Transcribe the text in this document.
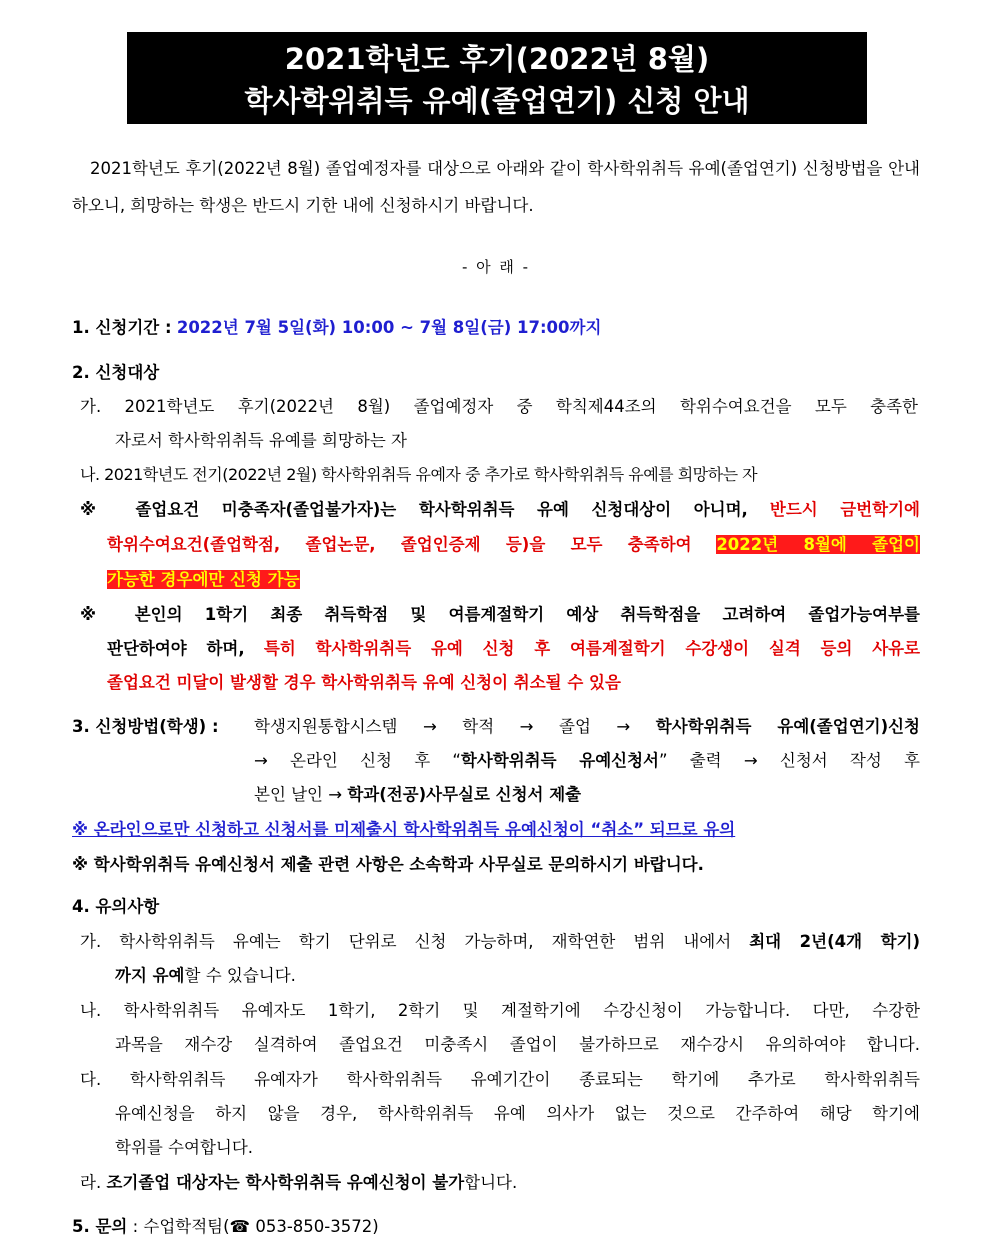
2021학년도 후기(2022년 8월)
학사학위취득 유예(졸업연기) 신청 안내
2021학년도 후기(2022년 8월) 졸업예정자를 대상으로 아래와 같이 학사학위취득 유예(졸업연기) 신청방법을 안내하오니, 희망하는 학생은 반드시 기한 내에 신청하시기 바랍니다.
- 아 래 -
1. 신청기간 : 2022년 7월 5일(화) 10:00 ~ 7월 8일(금) 17:00까지
2. 신청대상
가. 2021학년도 후기(2022년 8월) 졸업예정자 중 학칙제44조의 학위수여요건을 모두 충족한
자로서 학사학위취득 유예를 희망하는 자
나. 2021학년도 전기(2022년 2월) 학사학위취득 유예자 중 추가로 학사학위취득 유예를 희망하는 자
※ 졸업요건 미충족자(졸업불가자)는 학사학위취득 유예 신청대상이 아니며, 반드시 금번학기에
학위수여요건(졸업학점, 졸업논문, 졸업인증제 등)을 모두 충족하여 2022년 8월에 졸업이
가능한 경우에만 신청 가능
※ 본인의 1학기 최종 취득학점 및 여름계절학기 예상 취득학점을 고려하여 졸업가능여부를
판단하여야 하며, 특히 학사학위취득 유예 신청 후 여름계절학기 수강생이 실격 등의 사유로
졸업요건 미달이 발생할 경우 학사학위취득 유예 신청이 취소될 수 있음
3. 신청방법(학생) : 학생지원통합시스템 → 학적 → 졸업 → 학사학위취득 유예(졸업연기)신청
→ 온라인 신청 후 “학사학위취득 유예신청서” 출력 → 신청서 작성 후
본인 날인 → 학과(전공)사무실로 신청서 제출
※ 온라인으로만 신청하고 신청서를 미제출시 학사학위취득 유예신청이 “취소” 되므로 유의
※ 학사학위취득 유예신청서 제출 관련 사항은 소속학과 사무실로 문의하시기 바랍니다.
4. 유의사항
가. 학사학위취득 유예는 학기 단위로 신청 가능하며, 재학연한 범위 내에서 최대 2년(4개 학기)
까지 유예할 수 있습니다.
나. 학사학위취득 유예자도 1학기, 2학기 및 계절학기에 수강신청이 가능합니다. 다만, 수강한
과목을 재수강 실격하여 졸업요건 미충족시 졸업이 불가하므로 재수강시 유의하여야 합니다.
다. 학사학위취득 유예자가 학사학위취득 유예기간이 종료되는 학기에 추가로 학사학위취득
유예신청을 하지 않을 경우, 학사학위취득 유예 의사가 없는 것으로 간주하여 해당 학기에
학위를 수여합니다.
라. 조기졸업 대상자는 학사학위취득 유예신청이 불가합니다.
5. 문의 : 수업학적팀(☎ 053-850-3572)
